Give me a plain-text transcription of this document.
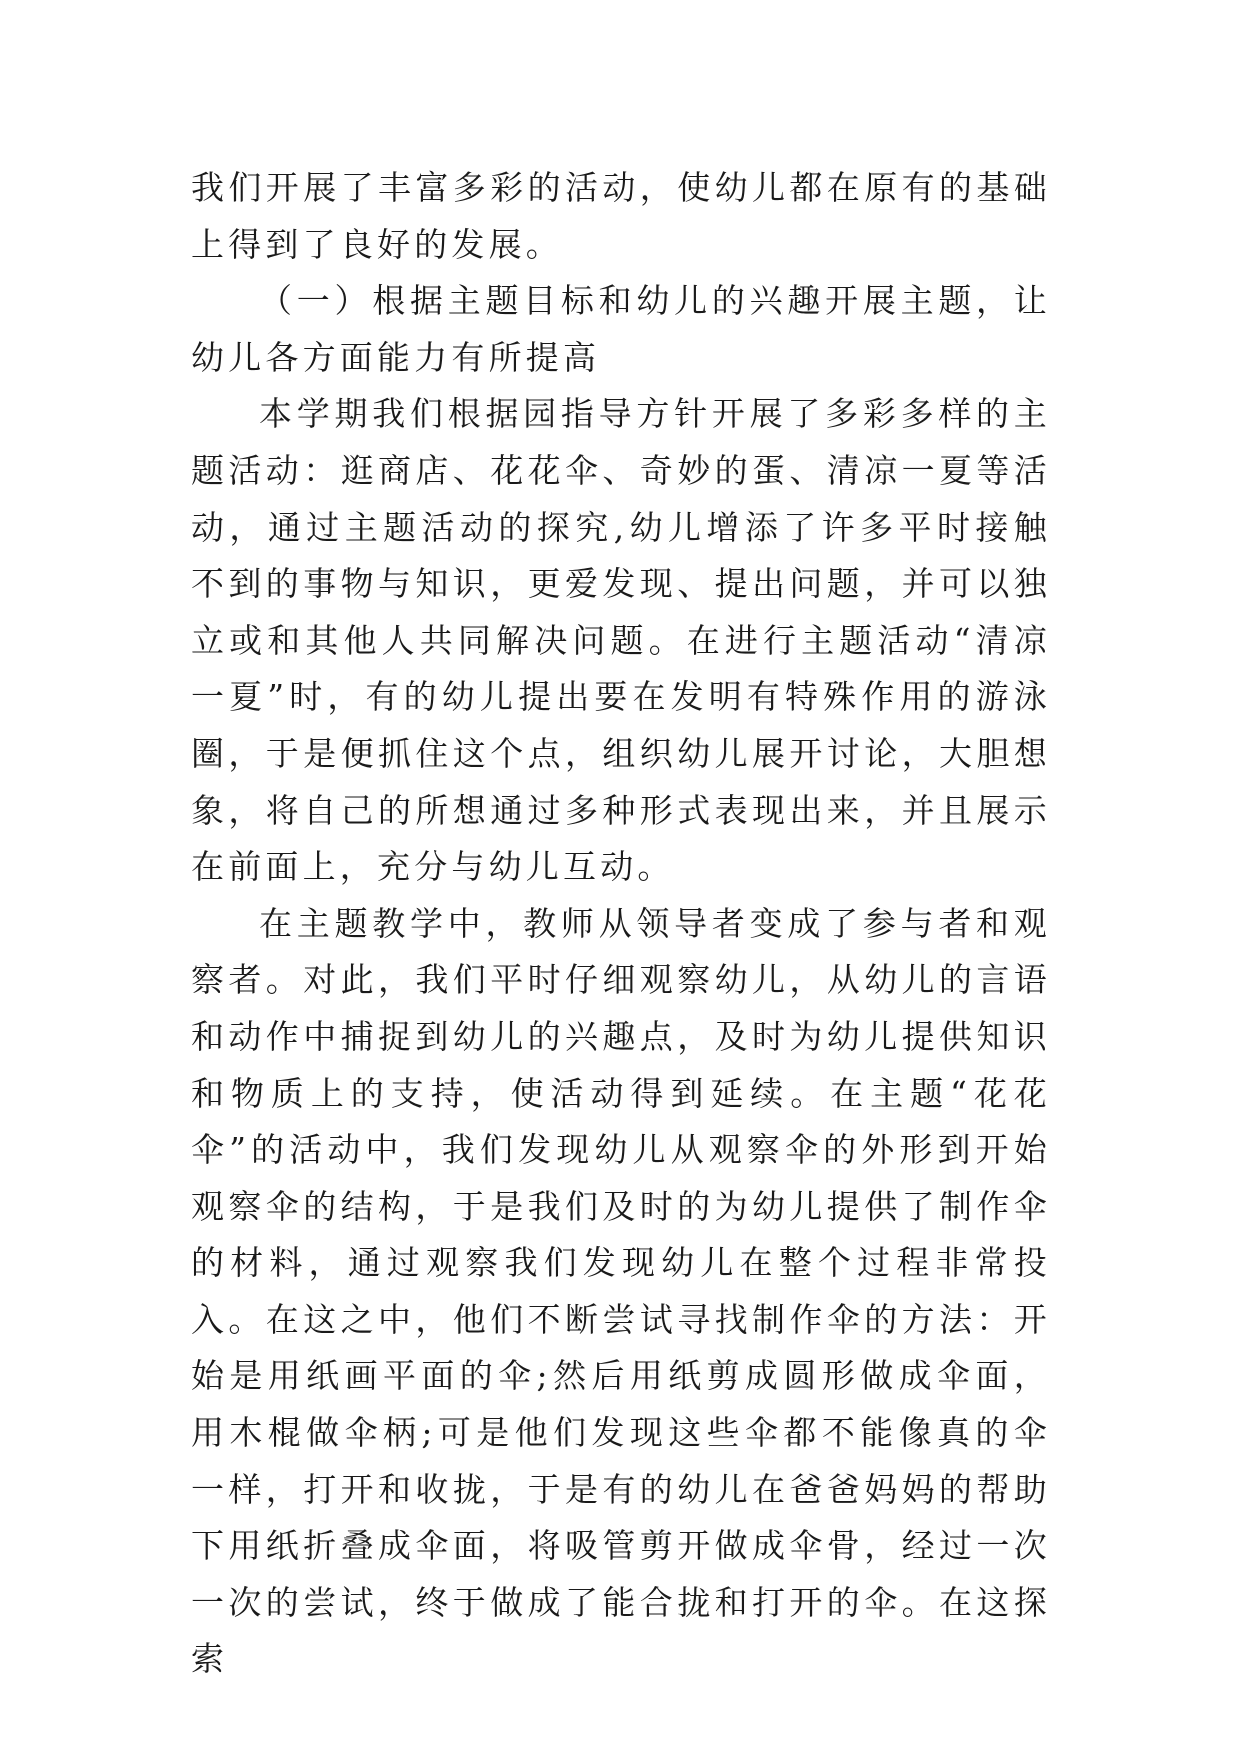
我们开展了丰富多彩的活动，使幼儿都在原有的基础上得到了良好的发展。

（一）根据主题目标和幼儿的兴趣开展主题，让幼儿各方面能力有所提高

本学期我们根据园指导方针开展了多彩多样的主题活动：逛商店、花花伞、奇妙的蛋、清凉一夏等活动，通过主题活动的探究,幼儿增添了许多平时接触不到的事物与知识，更爱发现、提出问题，并可以独立或和其他人共同解决问题。在进行主题活动“清凉一夏”时，有的幼儿提出要在发明有特殊作用的游泳圈，于是便抓住这个点，组织幼儿展开讨论，大胆想象，将自己的所想通过多种形式表现出来，并且展示在前面上，充分与幼儿互动。

在主题教学中，教师从领导者变成了参与者和观察者。对此，我们平时仔细观察幼儿，从幼儿的言语和动作中捕捉到幼儿的兴趣点，及时为幼儿提供知识和物质上的支持，使活动得到延续。在主题“花花伞”的活动中，我们发现幼儿从观察伞的外形到开始观察伞的结构，于是我们及时的为幼儿提供了制作伞的材料，通过观察我们发现幼儿在整个过程非常投入。在这之中，他们不断尝试寻找制作伞的方法：开始是用纸画平面的伞;然后用纸剪成圆形做成伞面，用木棍做伞柄;可是他们发现这些伞都不能像真的伞一样，打开和收拢，于是有的幼儿在爸爸妈妈的帮助下用纸折叠成伞面，将吸管剪开做成伞骨，经过一次一次的尝试，终于做成了能合拢和打开的伞。在这探索
